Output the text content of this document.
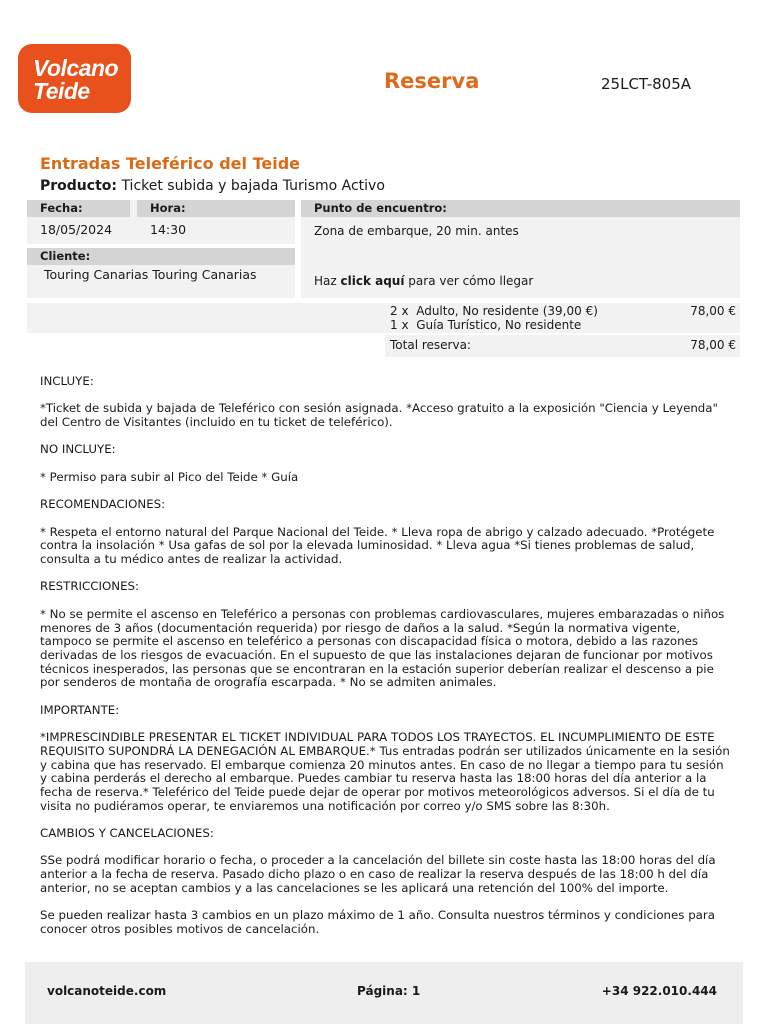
Volcano
Teide	Reserva	25LCT-805A
Entradas Teleférico del Teide
Producto: Ticket subida y bajada Turismo Activo
Fecha:	Hora:
18/05/2024	14:30
Cliente:
Touring Canarias Touring Canarias
Punto de encuentro:
Zona de embarque, 20 min. antes
Haz click aquí para ver cómo llegar
2 x Adulto, No residente (39,00 €)	78,00 €
1 x Guía Turístico, No residente
Total reserva:	78,00 €

INCLUYE:

*Ticket de subida y bajada de Teleférico con sesión asignada. *Acceso gratuito a la exposición "Ciencia y Leyenda" del Centro de Visitantes (incluido en tu ticket de teleférico).

NO INCLUYE:

* Permiso para subir al Pico del Teide * Guía

RECOMENDACIONES:

* Respeta el entorno natural del Parque Nacional del Teide. * Lleva ropa de abrigo y calzado adecuado. *Protégete contra la insolación * Usa gafas de sol por la elevada luminosidad. * Lleva agua *Si tienes problemas de salud, consulta a tu médico antes de realizar la actividad.

RESTRICCIONES:

* No se permite el ascenso en Teleférico a personas con problemas cardiovasculares, mujeres embarazadas o niños menores de 3 años (documentación requerida) por riesgo de daños a la salud. *Según la normativa vigente, tampoco se permite el ascenso en teleférico a personas con discapacidad física o motora, debido a las razones derivadas de los riesgos de evacuación. En el supuesto de que las instalaciones dejaran de funcionar por motivos técnicos inesperados, las personas que se encontraran en la estación superior deberían realizar el descenso a pie por senderos de montaña de orografía escarpada. * No se admiten animales.

IMPORTANTE:

*IMPRESCINDIBLE PRESENTAR EL TICKET INDIVIDUAL PARA TODOS LOS TRAYECTOS. EL INCUMPLIMIENTO DE ESTE REQUISITO SUPONDRÁ LA DENEGACIÓN AL EMBARQUE.* Tus entradas podrán ser utilizados únicamente en la sesión y cabina que has reservado. El embarque comienza 20 minutos antes. En caso de no llegar a tiempo para tu sesión y cabina perderás el derecho al embarque. Puedes cambiar tu reserva hasta las 18:00 horas del día anterior a la fecha de reserva.* Teleférico del Teide puede dejar de operar por motivos meteorológicos adversos. Si el día de tu visita no pudiéramos operar, te enviaremos una notificación por correo y/o SMS sobre las 8:30h.

CAMBIOS Y CANCELACIONES:

SSe podrá modificar horario o fecha, o proceder a la cancelación del billete sin coste hasta las 18:00 horas del día anterior a la fecha de reserva. Pasado dicho plazo o en caso de realizar la reserva después de las 18:00 h del día anterior, no se aceptan cambios y a las cancelaciones se les aplicará una retención del 100% del importe.

Se pueden realizar hasta 3 cambios en un plazo máximo de 1 año. Consulta nuestros términos y condiciones para conocer otros posibles motivos de cancelación.

volcanoteide.com	Página: 1	+34 922.010.444
